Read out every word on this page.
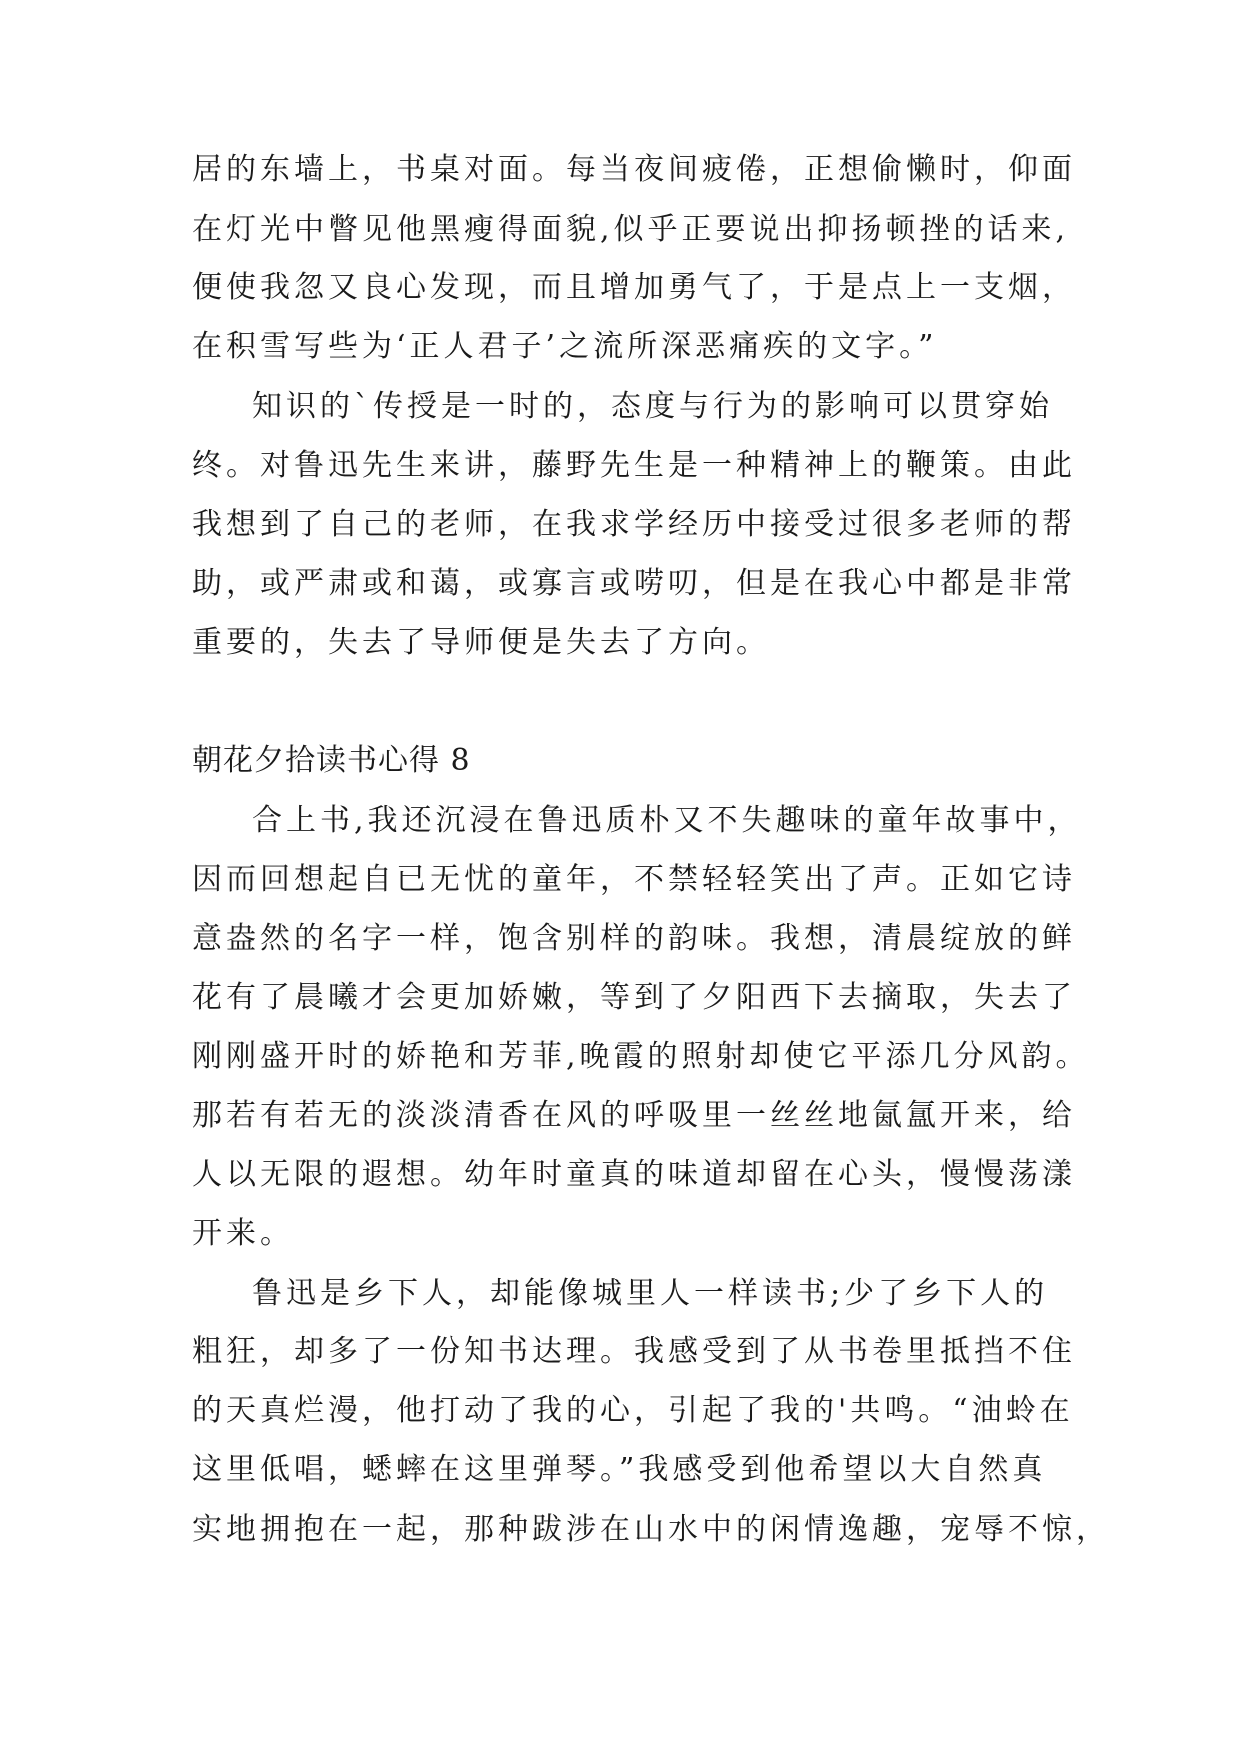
居的东墙上，书桌对面。每当夜间疲倦，正想偷懒时，仰面
在灯光中瞥见他黑瘦得面貌,似乎正要说出抑扬顿挫的话来,
便使我忽又良心发现，而且增加勇气了，于是点上一支烟，
在积雪写些为‘正人君子’之流所深恶痛疾的文字。”
知识的`传授是一时的，态度与行为的影响可以贯穿始
终。对鲁迅先生来讲，藤野先生是一种精神上的鞭策。由此
我想到了自己的老师，在我求学经历中接受过很多老师的帮
助，或严肃或和蔼，或寡言或唠叨，但是在我心中都是非常
重要的，失去了导师便是失去了方向。
朝花夕拾读书心得 8
合上书,我还沉浸在鲁迅质朴又不失趣味的童年故事中，
因而回想起自已无忧的童年，不禁轻轻笑出了声。正如它诗
意盎然的名字一样，饱含别样的韵味。我想，清晨绽放的鲜
花有了晨曦才会更加娇嫩，等到了夕阳西下去摘取，失去了
刚刚盛开时的娇艳和芳菲,晚霞的照射却使它平添几分风韵。
那若有若无的淡淡清香在风的呼吸里一丝丝地氤氲开来，给
人以无限的遐想。幼年时童真的味道却留在心头，慢慢荡漾
开来。
鲁迅是乡下人，却能像城里人一样读书;少了乡下人的
粗狂，却多了一份知书达理。我感受到了从书卷里抵挡不住
的天真烂漫，他打动了我的心，引起了我的'共鸣。“油蛉在
这里低唱，蟋蟀在这里弹琴。”我感受到他希望以大自然真
实地拥抱在一起，那种跋涉在山水中的闲情逸趣，宠辱不惊，
